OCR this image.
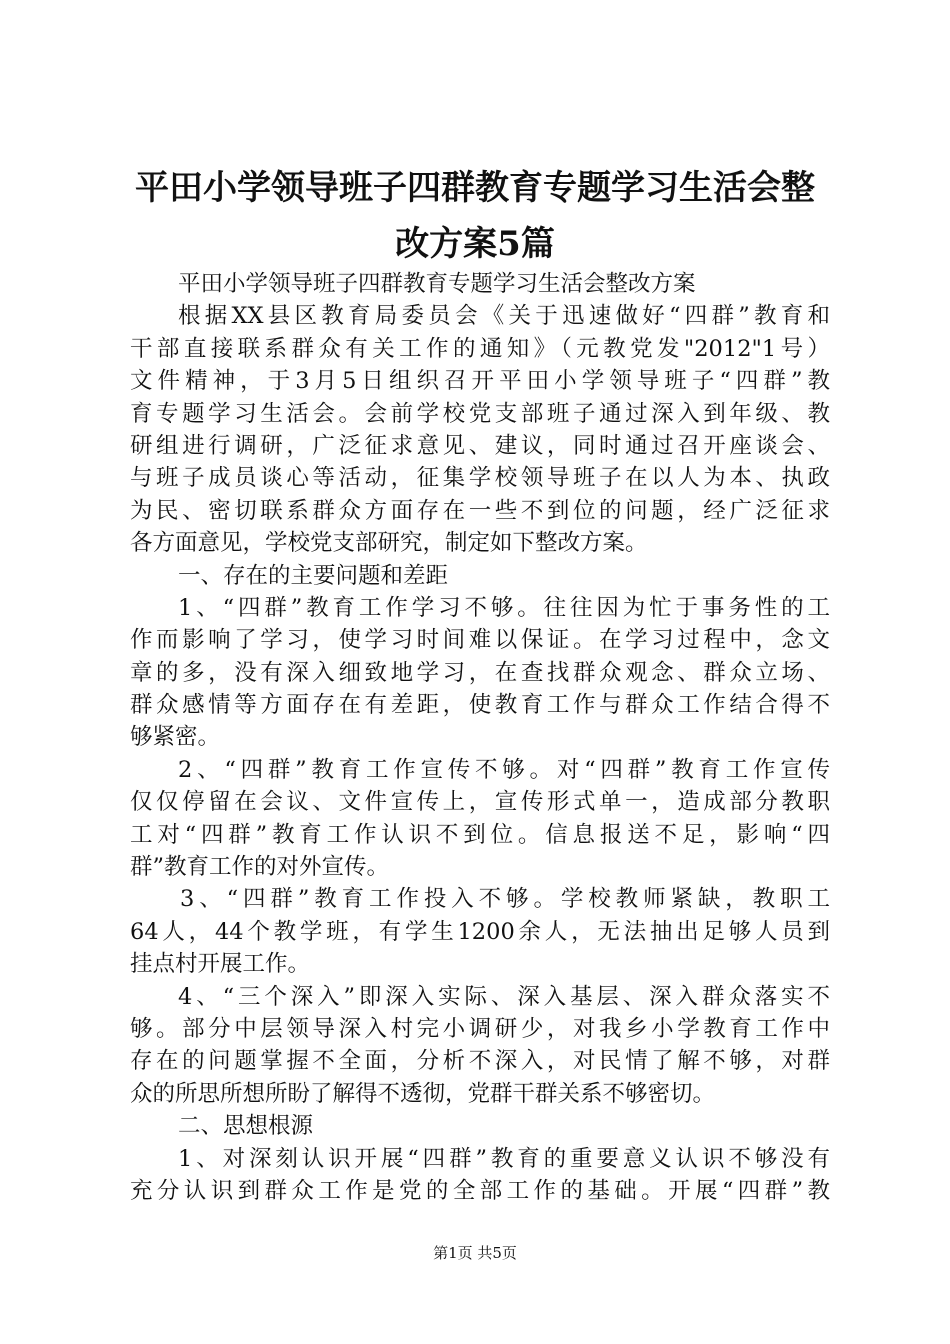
平田小学领导班子四群教育专题学习生活会整
改方案5篇
平田小学领导班子四群教育专题学习生活会整改方案
根据XX县区教育局委员会《关于迅速做好“四群”教育和
干部直接联系群众有关工作的通知》（元教党发"2012"1号）
文件精神，于3月5日组织召开平田小学领导班子“四群”教
育专题学习生活会。会前学校党支部班子通过深入到年级、教
研组进行调研，广泛征求意见、建议，同时通过召开座谈会、
与班子成员谈心等活动，征集学校领导班子在以人为本、执政
为民、密切联系群众方面存在一些不到位的问题，经广泛征求
各方面意见，学校党支部研究，制定如下整改方案。
一、存在的主要问题和差距
1、“四群”教育工作学习不够。往往因为忙于事务性的工
作而影响了学习，使学习时间难以保证。在学习过程中，念文
章的多，没有深入细致地学习，在查找群众观念、群众立场、
群众感情等方面存在有差距，使教育工作与群众工作结合得不
够紧密。
2、“四群”教育工作宣传不够。对“四群”教育工作宣传
仅仅停留在会议、文件宣传上，宣传形式单一，造成部分教职
工对“四群”教育工作认识不到位。信息报送不足，影响“四
群”教育工作的对外宣传。
3、“四群”教育工作投入不够。学校教师紧缺，教职工
64人，44个教学班，有学生1200余人，无法抽出足够人员到
挂点村开展工作。
4、“三个深入”即深入实际、深入基层、深入群众落实不
够。部分中层领导深入村完小调研少，对我乡小学教育工作中
存在的问题掌握不全面，分析不深入，对民情了解不够，对群
众的所思所想所盼了解得不透彻，党群干群关系不够密切。
二、思想根源
1、对深刻认识开展“四群”教育的重要意义认识不够没有
充分认识到群众工作是党的全部工作的基础。开展“四群”教
第1页 共5页
